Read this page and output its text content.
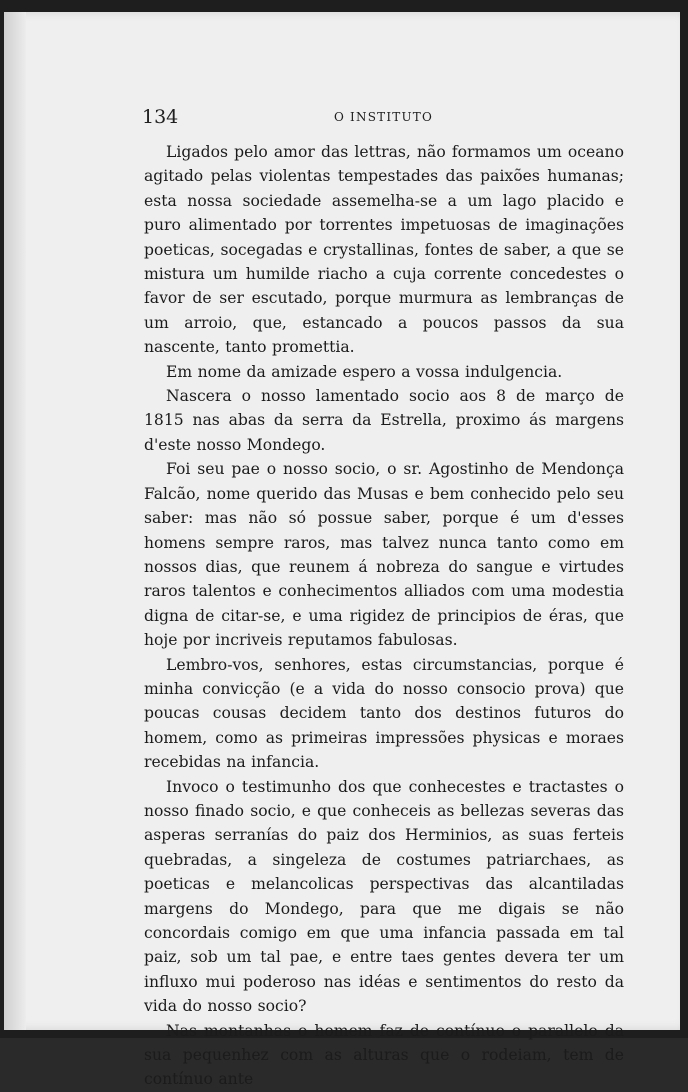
134	O INSTITUTO

Ligados pelo amor das lettras, não formamos um oceano agitado pelas violentas tempestades das paixões humanas; esta nossa sociedade assemelha-se a um lago placido e puro alimentado por torrentes impetuosas de imaginações poeticas, socegadas e crystallinas, fontes de saber, a que se mistura um humilde riacho a cuja corrente concedestes o favor de ser escutado, porque murmura as lembranças de um arroio, que, estancado a poucos passos da sua nascente, tanto promettia.

Em nome da amizade espero a vossa indulgencia.

Nascera o nosso lamentado socio aos 8 de março de 1815 nas abas da serra da Estrella, proximo ás margens d'este nosso Mondego.

Foi seu pae o nosso socio, o sr. Agostinho de Mendonça Falcão, nome querido das Musas e bem conhecido pelo seu saber: mas não só possue saber, porque é um d'esses homens sempre raros, mas talvez nunca tanto como em nossos dias, que reunem á nobreza do sangue e virtudes raros talentos e conhecimentos alliados com uma modestia digna de citar-se, e uma rigidez de principios de éras, que hoje por incriveis reputamos fabulosas.

Lembro-vos, senhores, estas circumstancias, porque é minha convicção (e a vida do nosso consocio prova) que poucas cousas decidem tanto dos destinos futuros do homem, como as primeiras impressões physicas e moraes recebidas na infancia.

Invoco o testimunho dos que conhecestes e tractastes o nosso finado socio, e que conheceis as bellezas severas das asperas serranías do paiz dos Herminios, as suas ferteis quebradas, a singeleza de costumes patriarchaes, as poeticas e melancolicas perspectivas das alcantiladas margens do Mondego, para que me digais se não concordais comigo em que uma infancia passada em tal paiz, sob um tal pae, e entre taes gentes devera ter um influxo mui poderoso nas idéas e sentimentos do resto da vida do nosso socio?

Nas montanhas o homem faz de contínuo o parallelo da sua pequenhez com as alturas que o rodeiam, tem de contínuo ante
